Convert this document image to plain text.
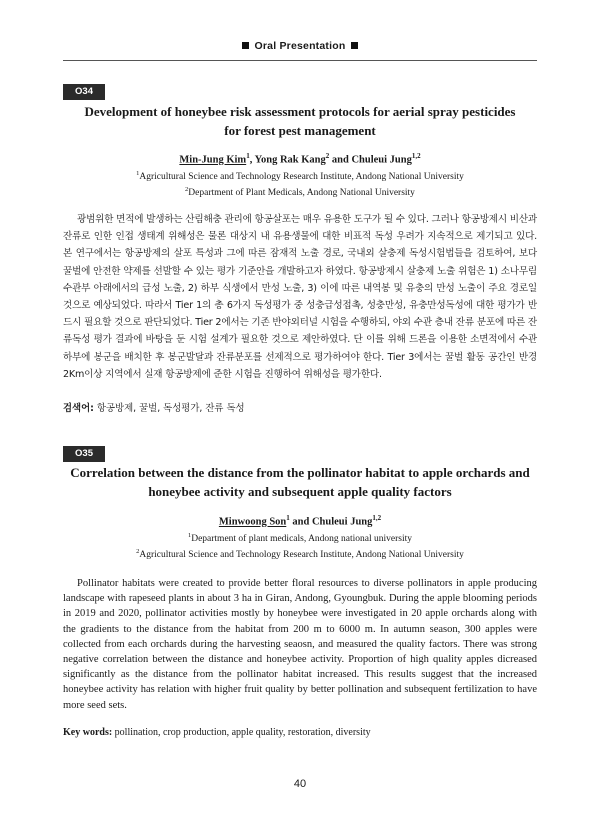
Oral Presentation
O34
Development of honeybee risk assessment protocols for aerial spray pesticides
for forest pest management
Min-Jung Kim$^1$, Yong Rak Kang$^2$ and Chuleui Jung$^{1,2}$
$^1$Agricultural Science and Technology Research Institute, Andong National University
$^2$Department of Plant Medicals, Andong National University
광범위한 면적에 발생하는 산림해충 관리에 항공살포는 매우 유용한 도구가 될 수 있다. 그러나 항공방제시 비산과 잔류로 인한 인접 생태계 위해성은 물론 대상지 내 유용생물에 대한 비표적 독성 우려가 지속적으로 제기되고 있다. 본 연구에서는 항공방제의 살포 특성과 그에 따른 잠재적 노출 경로, 국내외 살충제 독성시험법들을 검토하여, 보다 꿀벌에 안전한 약제를 선발할 수 있는 평가 기준안을 개발하고자 하였다. 항공방제시 살충제 노출 위험은 1) 소나무림 수관부 아래에서의 급성 노출, 2) 하부 식생에서 만성 노출, 3) 이에 따른 내역봉 및 유충의 만성 노출이 주요 경로일 것으로 예상되었다. 따라서 Tier 1의 총 6가지 독성평가 중 성충급성접촉, 성충만성, 유충만성독성에 대한 평가가 반드시 필요할 것으로 판단되었다. Tier 2에서는 기존 반야외터널 시험을 수행하되, 야외 수관 층내 잔류 분포에 따른 잔류독성 평가 결과에 바탕을 둔 시험 설계가 필요한 것으로 제안하였다. 단 이를 위해 드론을 이용한 소면적에서 수관하부에 봉군을 배치한 후 봉군발달과 잔류분포를 선제적으로 평가하여야 한다. Tier 3에서는 꿀벌 활동 공간인 반경 2Km이상 지역에서 실재 항공방제에 준한 시험을 진행하여 위해성을 평가한다.
검색어: 항공방제, 꿀벌, 독성평가, 잔류 독성
O35
Correlation between the distance from the pollinator habitat to apple orchards and
honeybee activity and subsequent apple quality factors
Minwoong Son$^1$ and Chuleui Jung$^{1,2}$
$^1$Department of plant medicals, Andong national university
$^2$Agricultural Science and Technology Research Institute, Andong National University
Pollinator habitats were created to provide better floral resources to diverse pollinators in apple producing landscape with rapeseed plants in about 3 ha in Giran, Andong, Gyoungbuk. During the apple blooming periods in 2019 and 2020, pollinator activities mostly by honeybee were investigated in 20 apple orchards along with the gradients to the distance from the habitat from 200 m to 6000 m. In autumn season, 300 apples were collected from each orchards during the harvesting seaosn, and measured the quality factors. There was strong negative correlation between the distance and honeybee activity. Proportion of high quality apples dicreased significantly as the distance from the pollinator habitat increased. This results suggest that the increased honeybee activity has relation with higher fruit quality by better pollination and subsequent fertilization to have more seed sets.
Key words: pollination, crop production, apple quality, restoration, diversity
40
